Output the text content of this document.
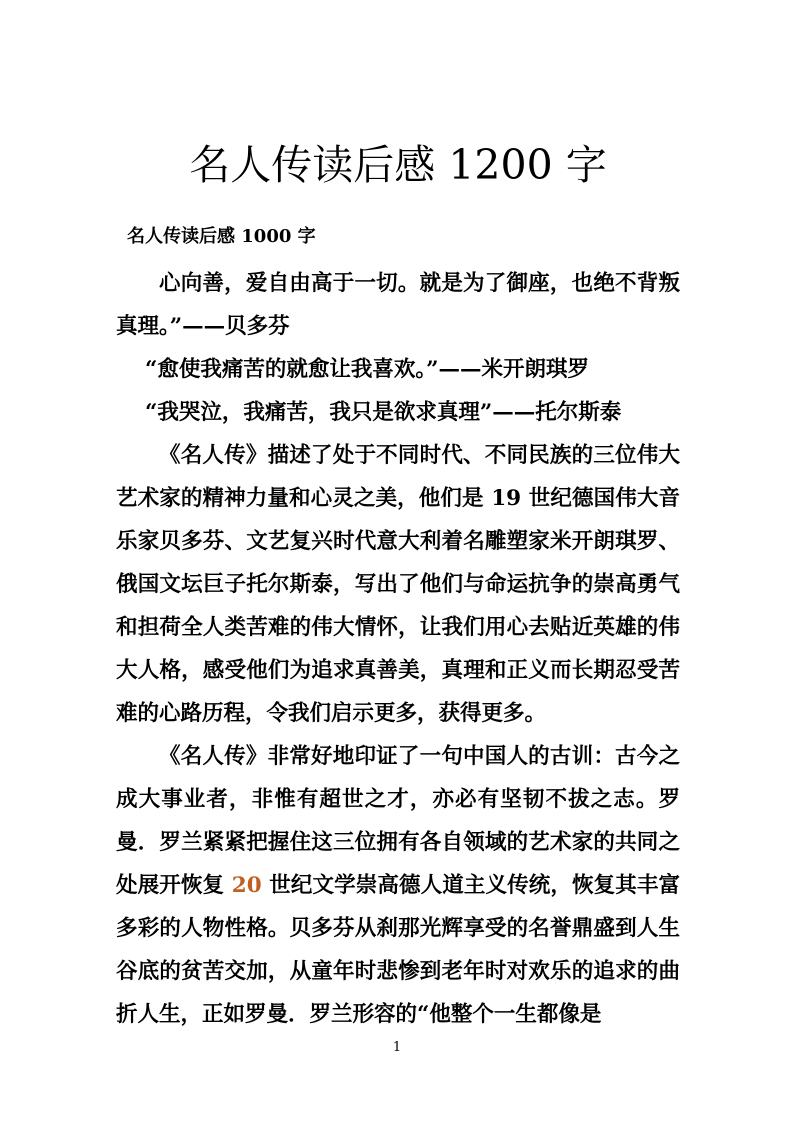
名人传读后感 1200 字
名人传读后感 1000 字

心向善，爱自由高于一切。就是为了御座，也绝不背叛真理。”——贝多芬

“愈使我痛苦的就愈让我喜欢。”——米开朗琪罗

“我哭泣，我痛苦，我只是欲求真理”——托尔斯泰

《名人传》描述了处于不同时代、不同民族的三位伟大艺术家的精神力量和心灵之美，他们是 19 世纪德国伟大音乐家贝多芬、文艺复兴时代意大利着名雕塑家米开朗琪罗、俄国文坛巨子托尔斯泰，写出了他们与命运抗争的崇高勇气和担荷全人类苦难的伟大情怀，让我们用心去贴近英雄的伟大人格，感受他们为追求真善美，真理和正义而长期忍受苦难的心路历程，令我们启示更多，获得更多。

《名人传》非常好地印证了一句中国人的古训：古今之成大事业者，非惟有超世之才，亦必有坚韧不拔之志。罗曼．罗兰紧紧把握住这三位拥有各自领域的艺术家的共同之处展开恢复 20 世纪文学崇高德人道主义传统，恢复其丰富多彩的人物性格。贝多芬从刹那光辉享受的名誉鼎盛到人生谷底的贫苦交加，从童年时悲惨到老年时对欢乐的追求的曲折人生，正如罗曼．罗兰形容的“他整个一生都像是

1
